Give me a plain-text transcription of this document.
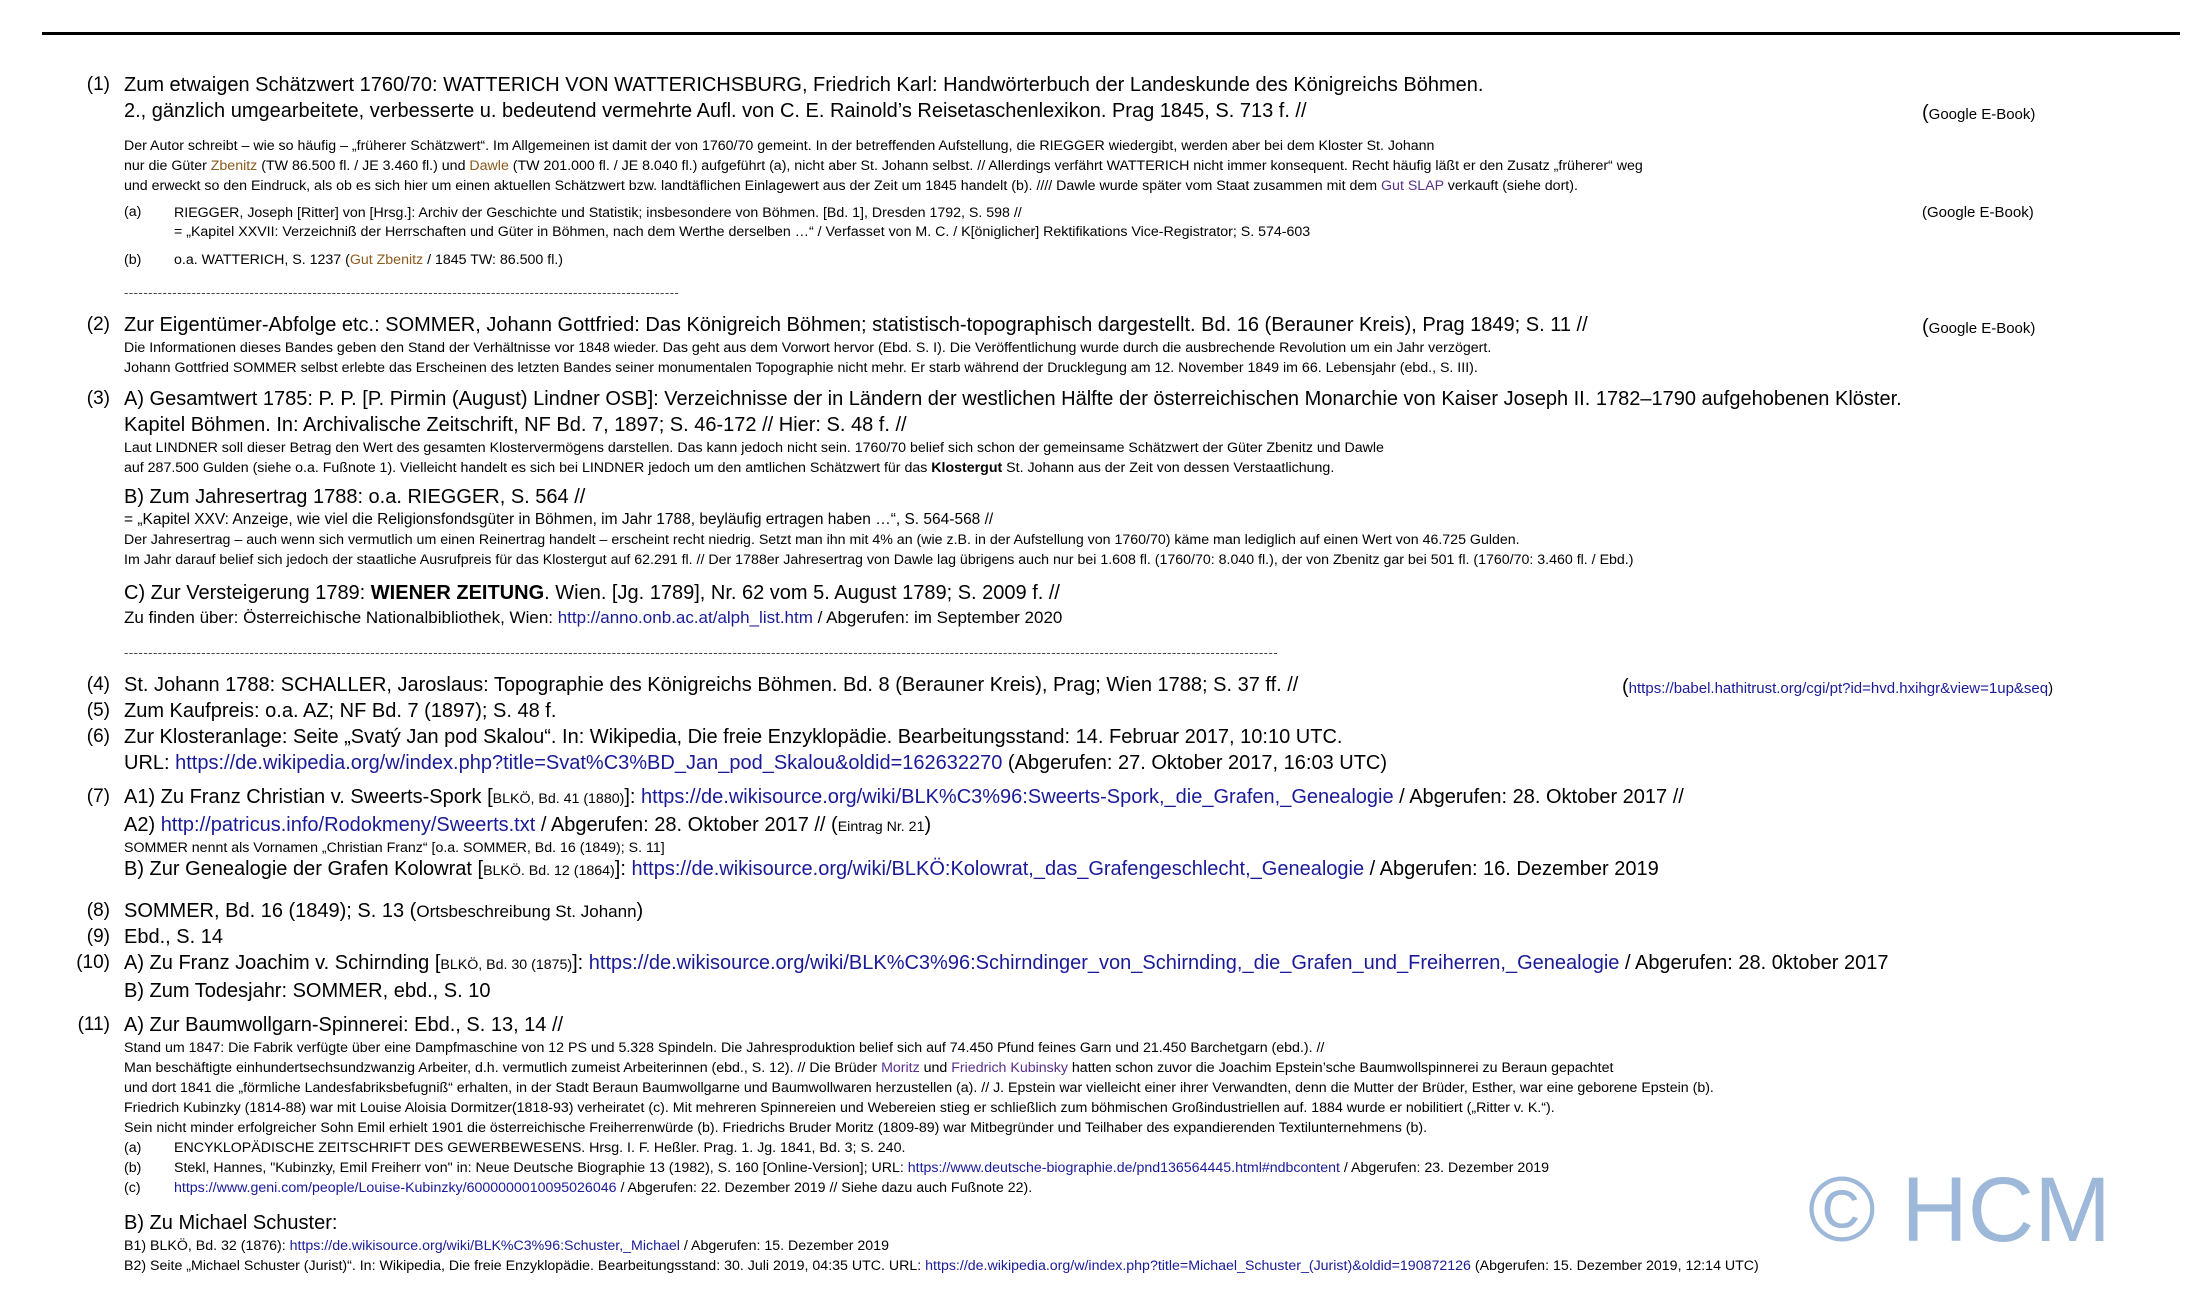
(1) Zum etwaigen Schätzwert 1760/70: WATTERICH VON WATTERICHSBURG, Friedrich Karl: Handwörterbuch der Landeskunde des Königreichs Böhmen.
2., gänzlich umgearbeitete, verbesserte u. bedeutend vermehrte Aufl. von C. E. Rainold’s Reisetaschenlexikon. Prag 1845, S. 713 f. //	(Google E-Book)
Der Autor schreibt – wie so häufig – „früherer Schätzwert“. Im Allgemeinen ist damit der von 1760/70 gemeint. In der betreffenden Aufstellung, die RIEGGER wiedergibt, werden aber bei dem Kloster St. Johann
nur die Güter Zbenitz (TW 86.500 fl. / JE 3.460 fl.) und Dawle (TW 201.000 fl. / JE 8.040 fl.) aufgeführt (a), nicht aber St. Johann selbst. // Allerdings verfährt WATTERICH nicht immer konsequent. Recht häufig läßt er den Zusatz „früherer“ weg
und erweckt so den Eindruck, als ob es sich hier um einen aktuellen Schätzwert bzw. landtäflichen Einlagewert aus der Zeit um 1845 handelt (b). //// Dawle wurde später vom Staat zusammen mit dem Gut SLAP verkauft (siehe dort).
(a) RIEGGER, Joseph [Ritter] von [Hrsg.]: Archiv der Geschichte und Statistik; insbesondere von Böhmen. [Bd. 1], Dresden 1792, S. 598 //
= „Kapitel XXVII: Verzeichniß der Herrschaften und Güter in Böhmen, nach dem Werthe derselben …“ / Verfasset von M. C. / K[öniglicher] Rektifikations Vice-Registrator; S. 574-603
(Google E-Book)
(b) o.a. WATTERICH, S. 1237 (Gut Zbenitz / 1845 TW: 86.500 fl.)
-------------------------------------------------------------------------------------------------------------------
(2) Zur Eigentümer-Abfolge etc.: SOMMER, Johann Gottfried: Das Königreich Böhmen; statistisch-topographisch dargestellt. Bd. 16 (Berauner Kreis), Prag 1849; S. 11 //
Die Informationen dieses Bandes geben den Stand der Verhältnisse vor 1848 wieder. Das geht aus dem Vorwort hervor (Ebd. S. I). Die Veröffentlichung wurde durch die ausbrechende Revolution um ein Jahr verzögert.
Johann Gottfried SOMMER selbst erlebte das Erscheinen des letzten Bandes seiner monumentalen Topographie nicht mehr. Er starb während der Drucklegung am 12. November 1849 im 66. Lebensjahr (ebd., S. III).
(Google E-Book)
(3) A) Gesamtwert 1785: P. P. [P. Pirmin (August) Lindner OSB]: Verzeichnisse der in Ländern der westlichen Hälfte der österreichischen Monarchie von Kaiser Joseph II. 1782–1790 aufgehobenen Klöster.
Kapitel Böhmen. In: Archivalische Zeitschrift, NF Bd. 7, 1897; S. 46-172 // Hier: S. 48 f. //
Laut LINDNER soll dieser Betrag den Wert des gesamten Klostervermögens darstellen. Das kann jedoch nicht sein. 1760/70 belief sich schon der gemeinsame Schätzwert der Güter Zbenitz und Dawle
auf 287.500 Gulden (siehe o.a. Fußnote 1). Vielleicht handelt es sich bei LINDNER jedoch um den amtlichen Schätzwert für das Klostergut St. Johann aus der Zeit von dessen Verstaatlichung.
B) Zum Jahresertrag 1788: o.a. RIEGGER, S. 564 //
= „Kapitel XXV: Anzeige, wie viel die Religionsfondsgüter in Böhmen, im Jahr 1788, beyläufig ertragen haben …“, S. 564-568 //
Der Jahresertrag – auch wenn sich vermutlich um einen Reinertrag handelt – erscheint recht niedrig. Setzt man ihn mit 4% an (wie z.B. in der Aufstellung von 1760/70) käme man lediglich auf einen Wert von 46.725 Gulden.
Im Jahr darauf belief sich jedoch der staatliche Ausrufpreis für das Klostergut auf 62.291 fl. // Der 1788er Jahresertrag von Dawle lag übrigens auch nur bei 1.608 fl. (1760/70: 8.040 fl.), der von Zbenitz gar bei 501 fl. (1760/70: 3.460 fl. / Ebd.)
C) Zur Versteigerung 1789: WIENER ZEITUNG. Wien. [Jg. 1789], Nr. 62 vom 5. August 1789; S. 2009 f. //
Zu finden über: Österreichische Nationalbibliothek, Wien: http://anno.onb.ac.at/alph_list.htm / Abgerufen: im September 2020
-----------------------------------------------------------------------------------------------------------------------------------------------------------------------------------------------------------------------------------------------
(4) St. Johann 1788: SCHALLER, Jaroslaus: Topographie des Königreichs Böhmen. Bd. 8 (Berauner Kreis), Prag; Wien 1788; S. 37 ff. //	(https://babel.hathitrust.org/cgi/pt?id=hvd.hxihgr&view=1up&seq)
(5) Zum Kaufpreis: o.a. AZ; NF Bd. 7 (1897); S. 48 f.
(6) Zur Klosteranlage: Seite „Svatý Jan pod Skalou“. In: Wikipedia, Die freie Enzyklopädie. Bearbeitungsstand: 14. Februar 2017, 10:10 UTC.
URL: https://de.wikipedia.org/w/index.php?title=Svat%C3%BD_Jan_pod_Skalou&oldid=162632270 (Abgerufen: 27. Oktober 2017, 16:03 UTC)
(7) A1) Zu Franz Christian v. Sweerts-Spork [BLKÖ, Bd. 41 (1880)]: https://de.wikisource.org/wiki/BLK%C3%96:Sweerts-Spork,_die_Grafen,_Genealogie / Abgerufen: 28. Oktober 2017 //
A2) http://patricus.info/Rodokmeny/Sweerts.txt / Abgerufen: 28. Oktober 2017 // (Eintrag Nr. 21)
SOMMER nennt als Vornamen „Christian Franz“ [o.a. SOMMER, Bd. 16 (1849); S. 11]
B) Zur Genealogie der Grafen Kolowrat [BLKÖ. Bd. 12 (1864)]: https://de.wikisource.org/wiki/BLKÖ:Kolowrat,_das_Grafengeschlecht,_Genealogie / Abgerufen: 16. Dezember 2019
(8) SOMMER, Bd. 16 (1849); S. 13 (Ortsbeschreibung St. Johann)
(9) Ebd., S. 14
(10) A) Zu Franz Joachim v. Schirnding [BLKÖ, Bd. 30 (1875)]: https://de.wikisource.org/wiki/BLK%C3%96:Schirndinger_von_Schirnding,_die_Grafen_und_Freiherren,_Genealogie / Abgerufen: 28. 0ktober 2017
B) Zum Todesjahr: SOMMER, ebd., S. 10
(11) A) Zur Baumwollgarn-Spinnerei: Ebd., S. 13, 14 //
Stand um 1847: Die Fabrik verfügte über eine Dampfmaschine von 12 PS und 5.328 Spindeln. Die Jahresproduktion belief sich auf 74.450 Pfund feines Garn und 21.450 Barchetgarn (ebd.). //
Man beschäftigte einhundertsechsundzwanzig Arbeiter, d.h. vermutlich zumeist Arbeiterinnen (ebd., S. 12). // Die Brüder Moritz und Friedrich Kubinsky hatten schon zuvor die Joachim Epstein’sche Baumwollspinnerei zu Beraun gepachtet
und dort 1841 die „förmliche Landesfabriksbefugniß“ erhalten, in der Stadt Beraun Baumwollgarne und Baumwollwaren herzustellen (a). // J. Epstein war vielleicht einer ihrer Verwandten, denn die Mutter der Brüder, Esther, war eine geborene Epstein (b).
Friedrich Kubinzky (1814-88) war mit Louise Aloisia Dormitzer(1818-93) verheiratet (c). Mit mehreren Spinnereien und Webereien stieg er schließlich zum böhmischen Großindustriellen auf. 1884 wurde er nobilitiert („Ritter v. K.“).
Sein nicht minder erfolgreicher Sohn Emil erhielt 1901 die österreichische Freiherrenwürde (b). Friedrichs Bruder Moritz (1809-89) war Mitbegründer und Teilhaber des expandierenden Textilunternehmens (b).
(a) ENCYKLOPÄDISCHE ZEITSCHRIFT DES GEWERBEWESENS. Hrsg. I. F. Heßler. Prag. 1. Jg. 1841, Bd. 3; S. 240.
(b) Stekl, Hannes, "Kubinzky, Emil Freiherr von" in: Neue Deutsche Biographie 13 (1982), S. 160 [Online-Version]; URL: https://www.deutsche-biographie.de/pnd136564445.html#ndbcontent / Abgerufen: 23. Dezember 2019
(c) https://www.geni.com/people/Louise-Kubinzky/6000000010095026046 / Abgerufen: 22. Dezember 2019 // Siehe dazu auch Fußnote 22).
B) Zu Michael Schuster:
B1) BLKÖ, Bd. 32 (1876): https://de.wikisource.org/wiki/BLK%C3%96:Schuster,_Michael / Abgerufen: 15. Dezember 2019
B2) Seite „Michael Schuster (Jurist)“. In: Wikipedia, Die freie Enzyklopädie. Bearbeitungsstand: 30. Juli 2019, 04:35 UTC. URL: https://de.wikipedia.org/w/index.php?title=Michael_Schuster_(Jurist)&oldid=190872126 (Abgerufen: 15. Dezember 2019, 12:14 UTC)
© HCM
